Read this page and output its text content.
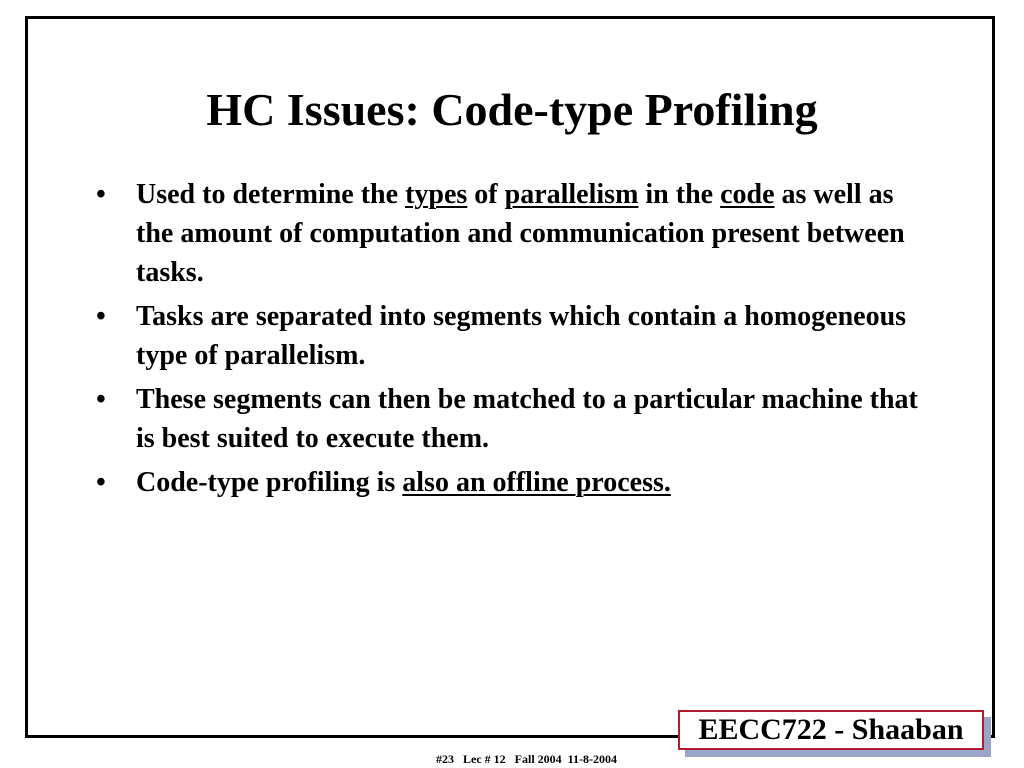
HC Issues: Code-type Profiling
•	Used to determine the types of parallelism in the code as well as the amount of computation and communication present between tasks.
•	Tasks are separated into segments which contain a homogeneous type of parallelism.
•	These segments can then be matched to a particular machine that is best suited to execute them.
•	Code-type profiling is also an offline process.
EECC722 - Shaaban
#23   Lec # 12   Fall 2004  11-8-2004
